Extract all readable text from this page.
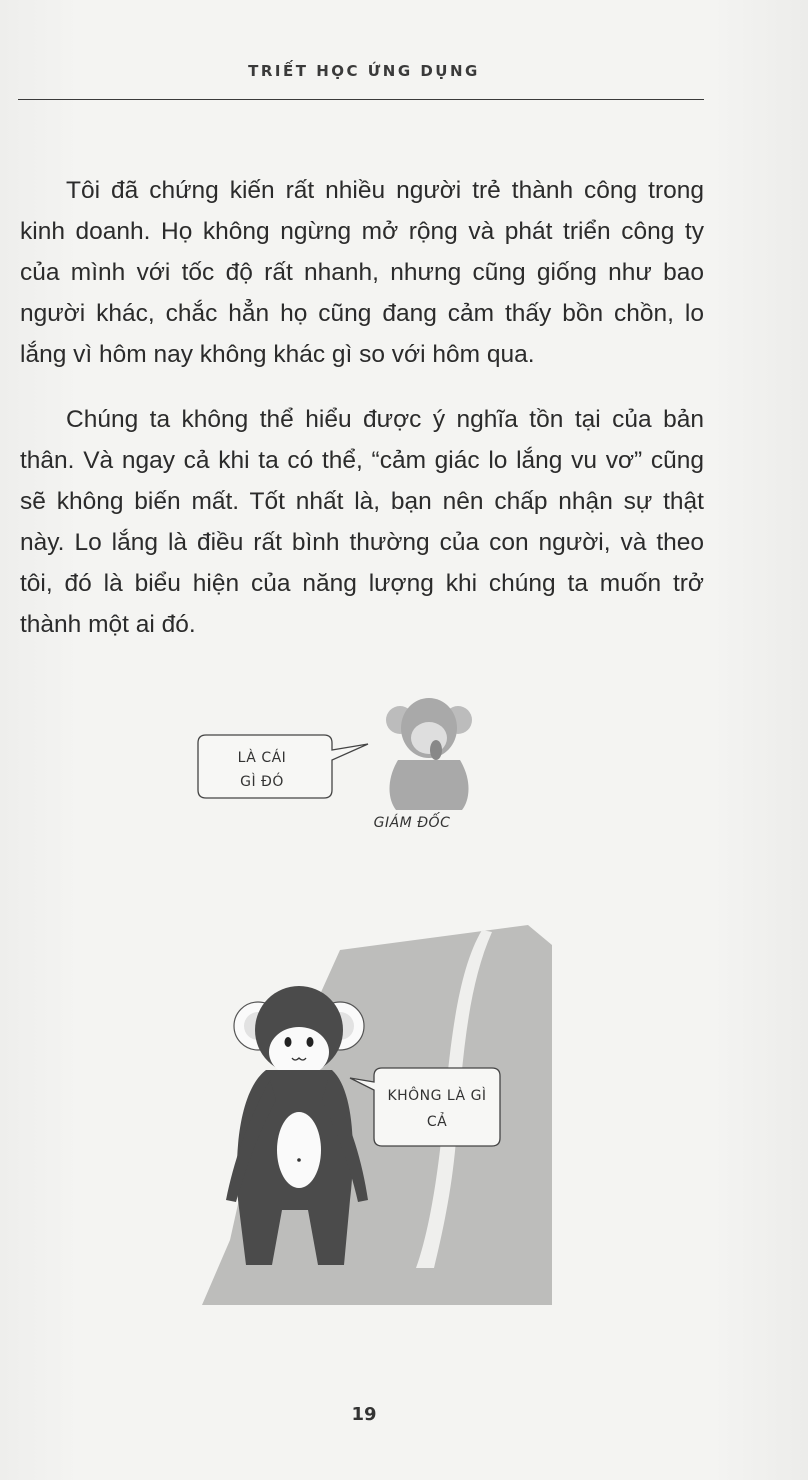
TRIẾT HỌC ỨNG DỤNG

Tôi đã chứng kiến rất nhiều người trẻ thành công trong kinh doanh. Họ không ngừng mở rộng và phát triển công ty của mình với tốc độ rất nhanh, nhưng cũng giống như bao người khác, chắc hẳn họ cũng đang cảm thấy bồn chồn, lo lắng vì hôm nay không khác gì so với hôm qua.

Chúng ta không thể hiểu được ý nghĩa tồn tại của bản thân. Và ngay cả khi ta có thể, “cảm giác lo lắng vu vơ” cũng sẽ không biến mất. Tốt nhất là, bạn nên chấp nhận sự thật này. Lo lắng là điều rất bình thường của con người, và theo tôi, đó là biểu hiện của năng lượng khi chúng ta muốn trở thành một ai đó.

LÀ CÁI
GÌ ĐÓ
GIÁM ĐỐC
KHÔNG LÀ GÌ
CẢ
19
